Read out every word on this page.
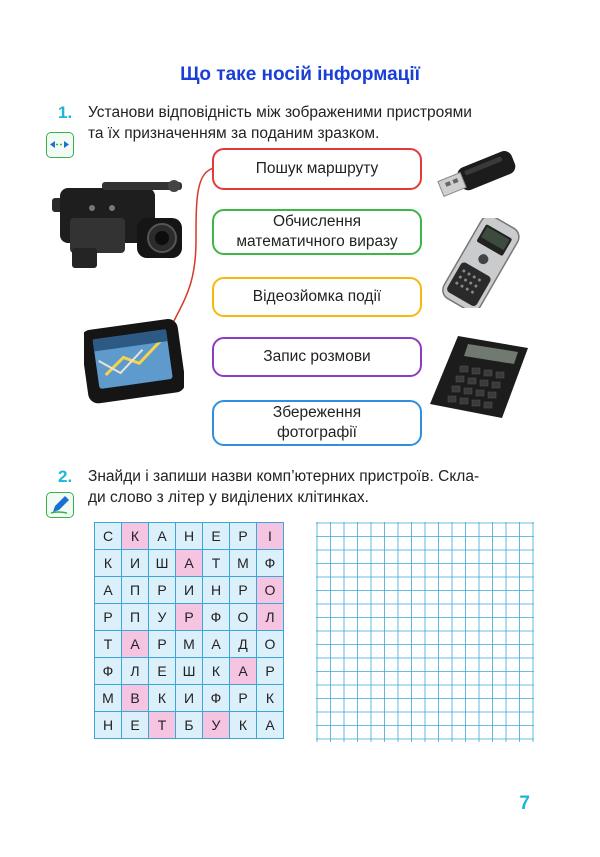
Що таке носій інформації
1. Установи відповідність між зображеними пристроями
та їх призначенням за поданим зразком.
Пошук маршруту
Обчислення
математичного виразу
Відеозйомка події
Запис розмови
Збереження
фотографії
2. Знайди і запиши назви комп’ютерних пристроїв. Скла-
ди слово з літер у виділених клітинках.
С	К	А	Н	Е	Р	І
К	И	Ш	А	Т	М	Ф
А	П	Р	И	Н	Р	О
Р	П	У	Р	Ф	О	Л
Т	А	Р	М	А	Д	О
Ф	Л	Е	Ш	К	А	Р
М	В	К	И	Ф	Р	К
Н	Е	Т	Б	У	К	А
7
